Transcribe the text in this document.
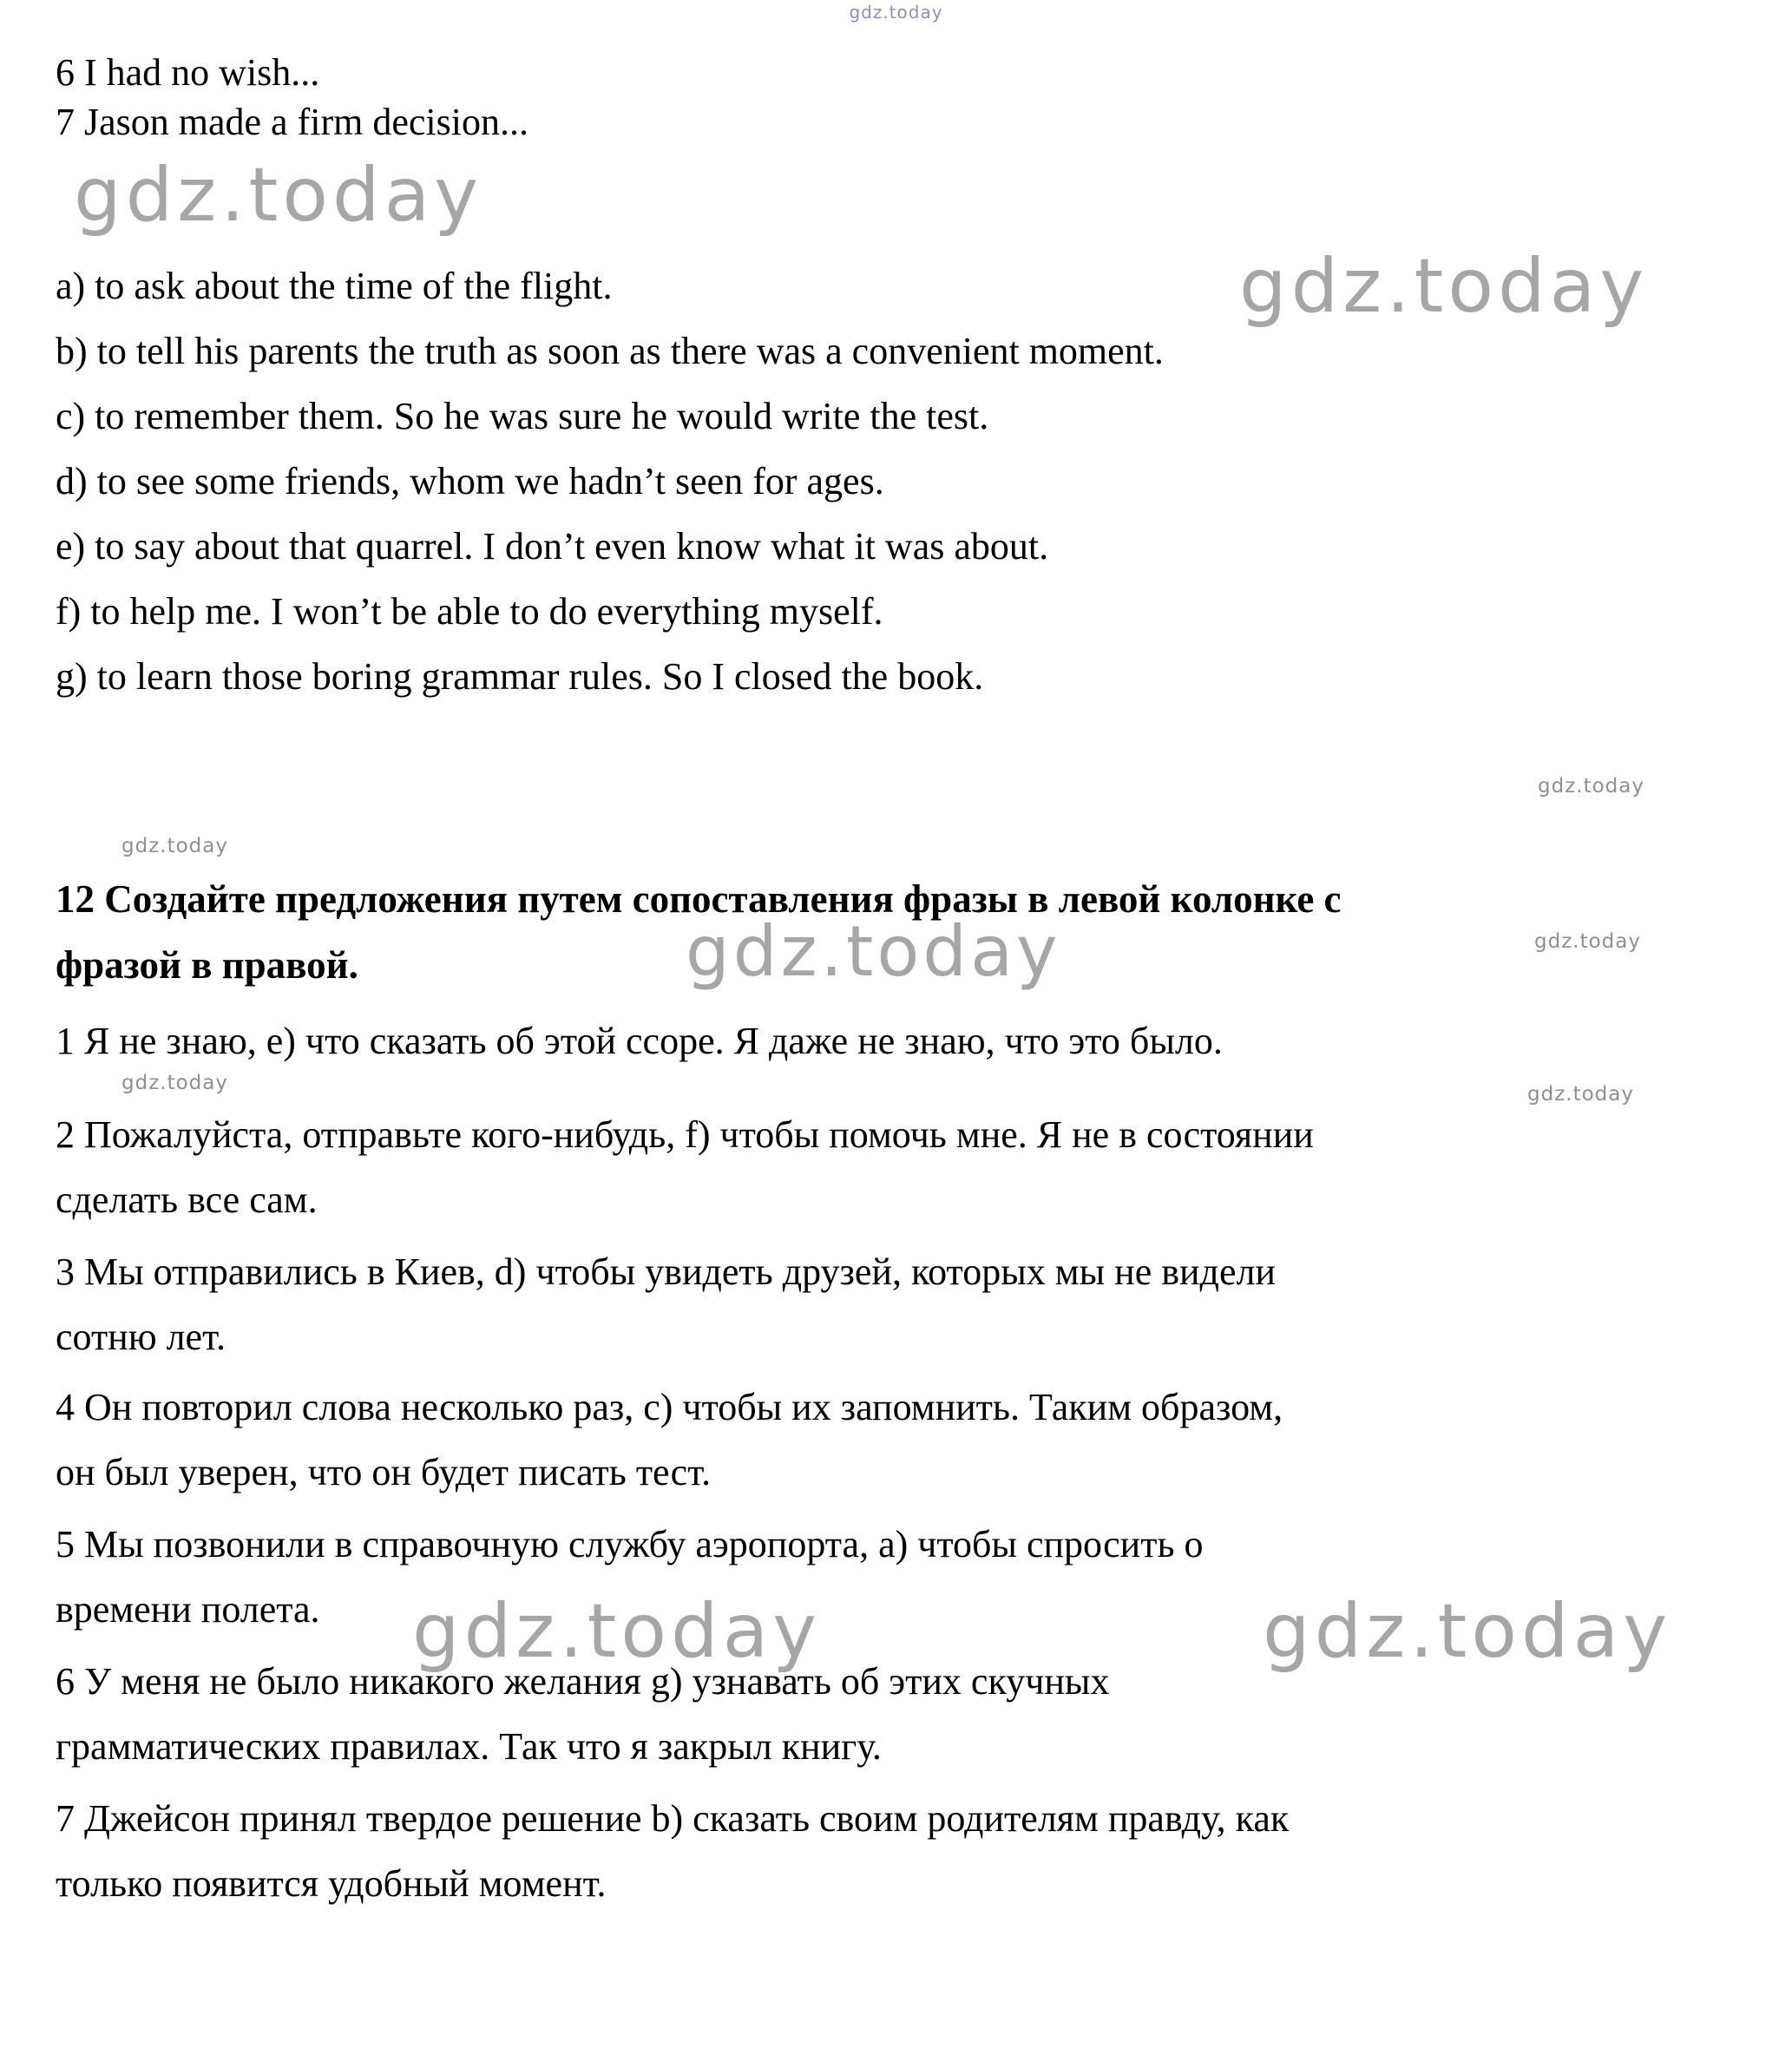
gdz.today
gdz.today
gdz.today
gdz.today
gdz.today
gdz.today	gdz.today
gdz.today	gdz.today
gdz.today	gdz.today
6 I had no wish...
7 Jason made a firm decision...
a) to ask about the time of the flight.
b) to tell his parents the truth as soon as there was a convenient moment.
c) to remember them. So he was sure he would write the test.
d) to see some friends, whom we hadn’t seen for ages.
e) to say about that quarrel. I don’t even know what it was about.
f) to help me. I won’t be able to do everything myself.
g) to learn those boring grammar rules. So I closed the book.
12 Создайте предложения путем сопоставления фразы в левой колонке с
фразой в правой.
1 Я не знаю, e) что сказать об этой ссоре. Я даже не знаю, что это было.
2 Пожалуйста, отправьте кого-нибудь, f) чтобы помочь мне. Я не в состоянии
сделать все сам.
3 Мы отправились в Киев, d) чтобы увидеть друзей, которых мы не видели
сотню лет.
4 Он повторил слова несколько раз, c) чтобы их запомнить. Таким образом,
он был уверен, что он будет писать тест.
5 Мы позвонили в справочную службу аэропорта, a) чтобы спросить о
времени полета.
6 У меня не было никакого желания g) узнавать об этих скучных
грамматических правилах. Так что я закрыл книгу.
7 Джейсон принял твердое решение b) сказать своим родителям правду, как
только появится удобный момент.
